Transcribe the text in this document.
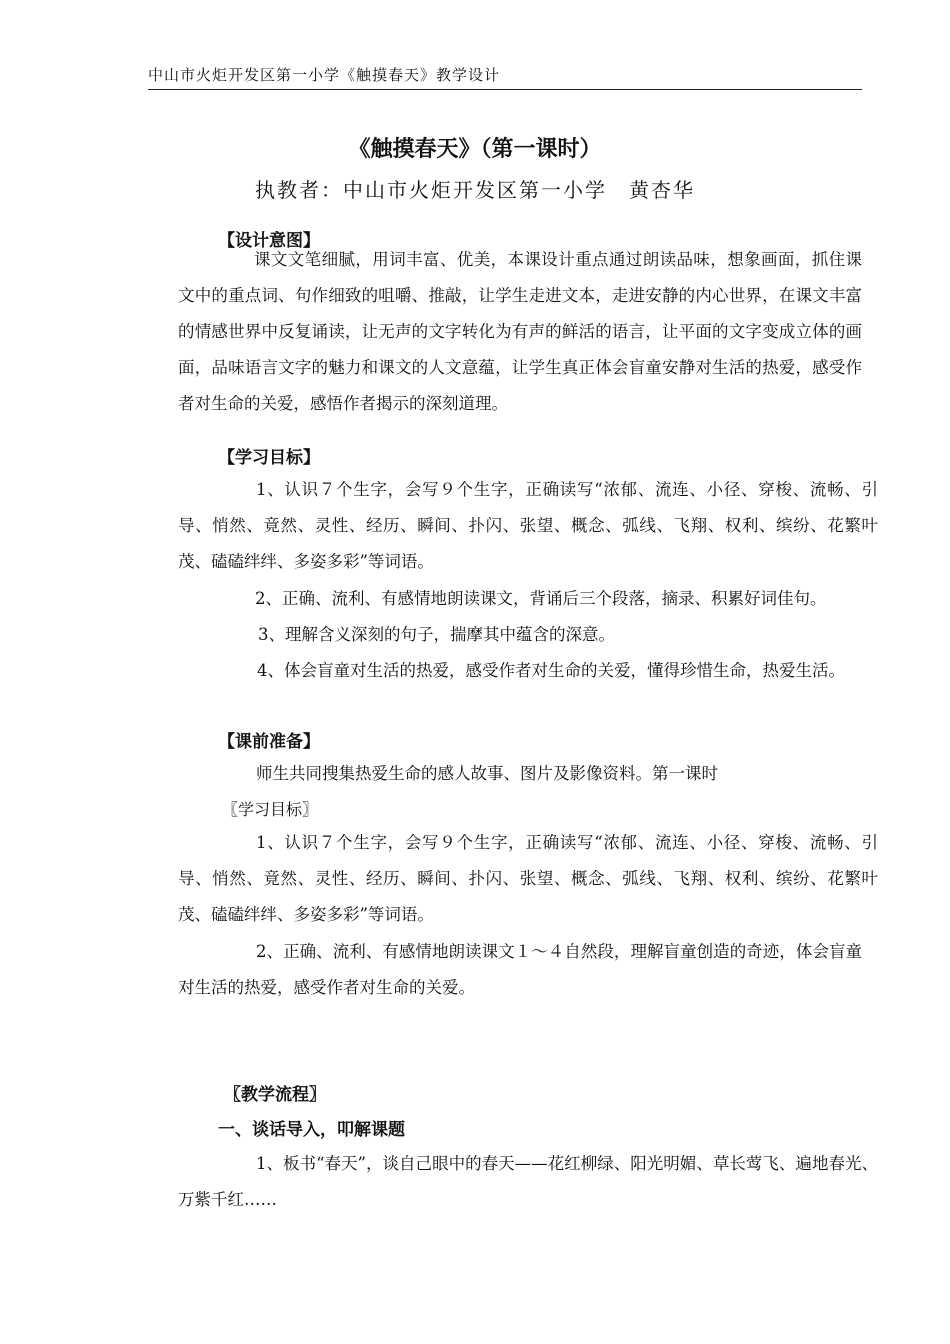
中山市火炬开发区第一小学《触摸春天》教学设计
《触摸春天》（第一课时）
执教者：中山市火炬开发区第一小学　黄杏华
【设计意图】
课文文笔细腻，用词丰富、优美，本课设计重点通过朗读品味，想象画面，抓住课文中的重点词、句作细致的咀嚼、推敲，让学生走进文本，走进安静的内心世界，在课文丰富的情感世界中反复诵读，让无声的文字转化为有声的鲜活的语言，让平面的文字变成立体的画面，品味语言文字的魅力和课文的人文意蕴，让学生真正体会盲童安静对生活的热爱，感受作者对生命的关爱，感悟作者揭示的深刻道理。
【学习目标】
1、认识７个生字，会写９个生字，正确读写“浓郁、流连、小径、穿梭、流畅、引导、悄然、竟然、灵性、经历、瞬间、扑闪、张望、概念、弧线、飞翔、权利、缤纷、花繁叶茂、磕磕绊绊、多姿多彩”等词语。
2、正确、流利、有感情地朗读课文，背诵后三个段落，摘录、积累好词佳句。
3、理解含义深刻的句子，揣摩其中蕴含的深意。
4、体会盲童对生活的热爱，感受作者对生命的关爱，懂得珍惜生命，热爱生活。
【课前准备】
师生共同搜集热爱生命的感人故事、图片及影像资料。第一课时
〖学习目标〗
1、认识７个生字，会写９个生字，正确读写“浓郁、流连、小径、穿梭、流畅、引导、悄然、竟然、灵性、经历、瞬间、扑闪、张望、概念、弧线、飞翔、权利、缤纷、花繁叶茂、磕磕绊绊、多姿多彩”等词语。
2、正确、流利、有感情地朗读课文１～４自然段，理解盲童创造的奇迹，体会盲童对生活的热爱，感受作者对生命的关爱。
〖教学流程〗
一、谈话导入，叩解课题
1、板书“春天”，谈自己眼中的春天——花红柳绿、阳光明媚、草长莺飞、遍地春光、万紫千红……
